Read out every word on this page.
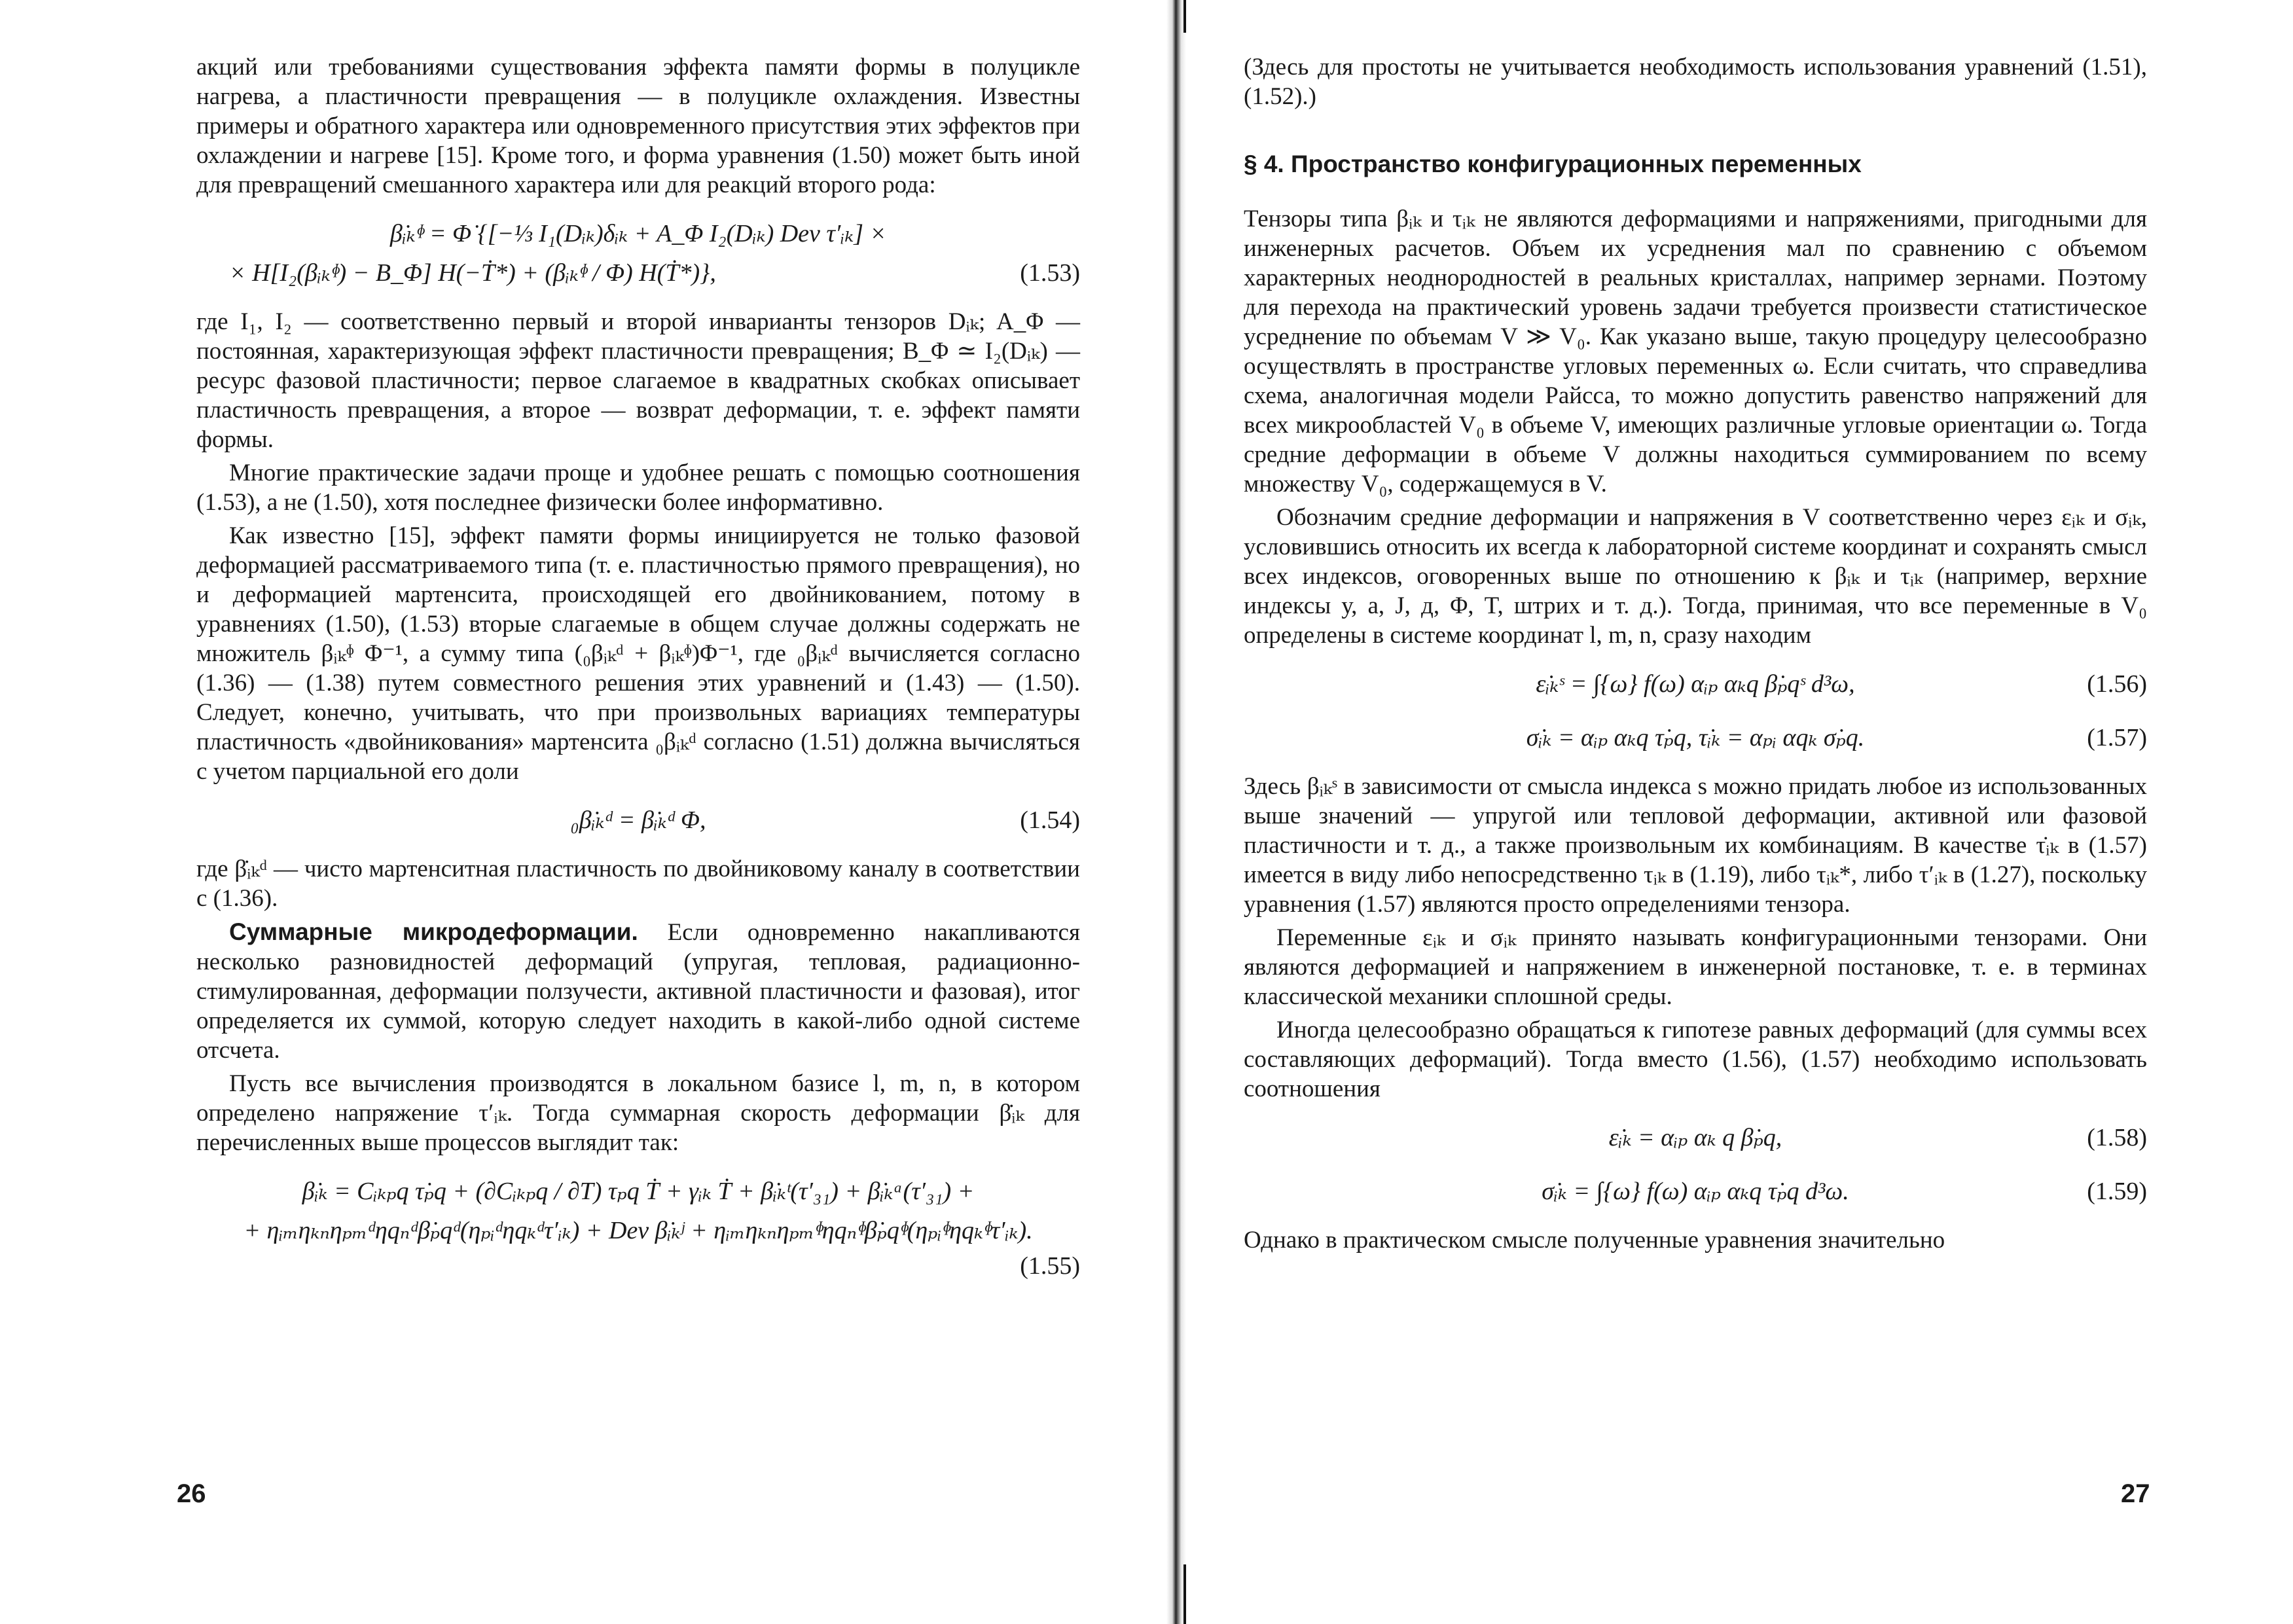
акций или требованиями существования эффекта памяти формы в полуцикле нагрева, а пластичности превращения — в полуцикле охлаждения. Известны примеры и обратного характера или одновременного присутствия этих эффектов при охлаждении и нагреве [15]. Кроме того, и форма уравнения (1.50) может быть иной для превращений смешанного характера или для реакций второго рода:

β̇ᵢₖᶲ = Φ̇ {[−⅓ I₁(Dᵢₖ)δᵢₖ + A_Φ I₂(Dᵢₖ) Dev τ′ᵢₖ] ×
× H[I₂(βᵢₖᶲ) − B_Φ] H(−Ṫ*) + (βᵢₖᶲ / Φ) H(Ṫ*)},	(1.53)

где I₁, I₂ — соответственно первый и второй инварианты тензоров Dᵢₖ; A_Φ — постоянная, характеризующая эффект пластичности превращения; B_Φ ≃ I₂(Dᵢₖ) — ресурс фазовой пластичности; первое слагаемое в квадратных скобках описывает пластичность превращения, а второе — возврат деформации, т. е. эффект памяти формы.

Многие практические задачи проще и удобнее решать с помощью соотношения (1.53), а не (1.50), хотя последнее физически более информативно.

Как известно [15], эффект памяти формы инициируется не только фазовой деформацией рассматриваемого типа (т. е. пластичностью прямого превращения), но и деформацией мартенсита, происходящей его двойникованием, потому в уравнениях (1.50), (1.53) вторые слагаемые в общем случае должны содержать не множитель βᵢₖᶲ Φ⁻¹, а сумму типа (₀βᵢₖᵈ + βᵢₖᶲ)Φ⁻¹, где ₀βᵢₖᵈ вычисляется согласно (1.36) — (1.38) путем совместного решения этих уравнений и (1.43) — (1.50). Следует, конечно, учитывать, что при произвольных вариациях температуры пластичность «двойникования» мартенсита ₀βᵢₖᵈ согласно (1.51) должна вычисляться с учетом парциальной его доли

₀β̇ᵢₖᵈ = β̇ᵢₖᵈ Φ,	(1.54)

где β̇ᵢₖᵈ — чисто мартенситная пластичность по двойниковому каналу в соответствии с (1.36).

Суммарные микродеформации. Если одновременно накапливаются несколько разновидностей деформаций (упругая, тепловая, радиационно-стимулированная, деформации ползучести, активной пластичности и фазовая), итог определяется их суммой, которую следует находить в какой-либо одной системе отсчета.

Пусть все вычисления производятся в локальном базисе l, m, n, в котором определено напряжение τ′ᵢₖ. Тогда суммарная скорость деформации β̇ᵢₖ для перечисленных выше процессов выглядит так:

β̇ᵢₖ = Cᵢₖₚq τ̇ₚq + (∂Cᵢₖₚq / ∂T) τₚq Ṫ + γᵢₖ Ṫ + β̇ᵢₖᵗ(τ′₃₁) + β̇ᵢₖᵃ(τ′₃₁) +
+ ηᵢₘηₖₙηₚₘᵈηqₙᵈβ̇ₚqᵈ(ηₚᵢᵈηqₖᵈτ′ᵢₖ) + Dev β̇ᵢₖʲ + ηᵢₘηₖₙηₚₘᶲηqₙᶲβ̇ₚqᶲ(ηₚᵢᶲηqₖᶲτ′ᵢₖ).
(1.55)
26

(Здесь для простоты не учитывается необходимость использования уравнений (1.51), (1.52).)

§ 4. Пространство конфигурационных переменных

Тензоры типа βᵢₖ и τᵢₖ не являются деформациями и напряжениями, пригодными для инженерных расчетов. Объем их усреднения мал по сравнению с объемом характерных неоднородностей в реальных кристаллах, например зернами. Поэтому для перехода на практический уровень задачи требуется произвести статистическое усреднение по объемам V ≫ V₀. Как указано выше, такую процедуру целесообразно осуществлять в пространстве угловых переменных ω. Если считать, что справедлива схема, аналогичная модели Райсса, то можно допустить равенство напряжений для всех микрообластей V₀ в объеме V, имеющих различные угловые ориентации ω. Тогда средние деформации в объеме V должны находиться суммированием по всему множеству V₀, содержащемуся в V.

Обозначим средние деформации и напряжения в V соответственно через εᵢₖ и σᵢₖ, условившись относить их всегда к лабораторной системе координат и сохранять смысл всех индексов, оговоренных выше по отношению к βᵢₖ и τᵢₖ (например, верхние индексы у, а, J, д, Φ, T, штрих и т. д.). Тогда, принимая, что все переменные в V₀ определены в системе координат l, m, n, сразу находим

ε̇ᵢₖˢ = ∫{ω} f(ω) αᵢₚ αₖq β̇ₚqˢ d³ω,	(1.56)
σ̇ᵢₖ = αᵢₚ αₖq τ̇ₚq, τ̇ᵢₖ = αₚᵢ αqₖ σ̇ₚq.	(1.57)

Здесь βᵢₖˢ в зависимости от смысла индекса s можно придать любое из использованных выше значений — упругой или тепловой деформации, активной или фазовой пластичности и т. д., а также произвольным их комбинациям. В качестве τ̇ᵢₖ в (1.57) имеется в виду либо непосредственно τᵢₖ в (1.19), либо τᵢₖ*, либо τ′ᵢₖ в (1.27), поскольку уравнения (1.57) являются просто определениями тензора.

Переменные εᵢₖ и σᵢₖ принято называть конфигурационными тензорами. Они являются деформацией и напряжением в инженерной постановке, т. е. в терминах классической механики сплошной среды.

Иногда целесообразно обращаться к гипотезе равных деформаций (для суммы всех составляющих деформаций). Тогда вместо (1.56), (1.57) необходимо использовать соотношения

ε̇ᵢₖ = αᵢₚ αₖ q β̇ₚq,	(1.58)
σ̇ᵢₖ = ∫{ω} f(ω) αᵢₚ αₖq τ̇ₚq d³ω.	(1.59)

Однако в практическом смысле полученные уравнения значительно

27
